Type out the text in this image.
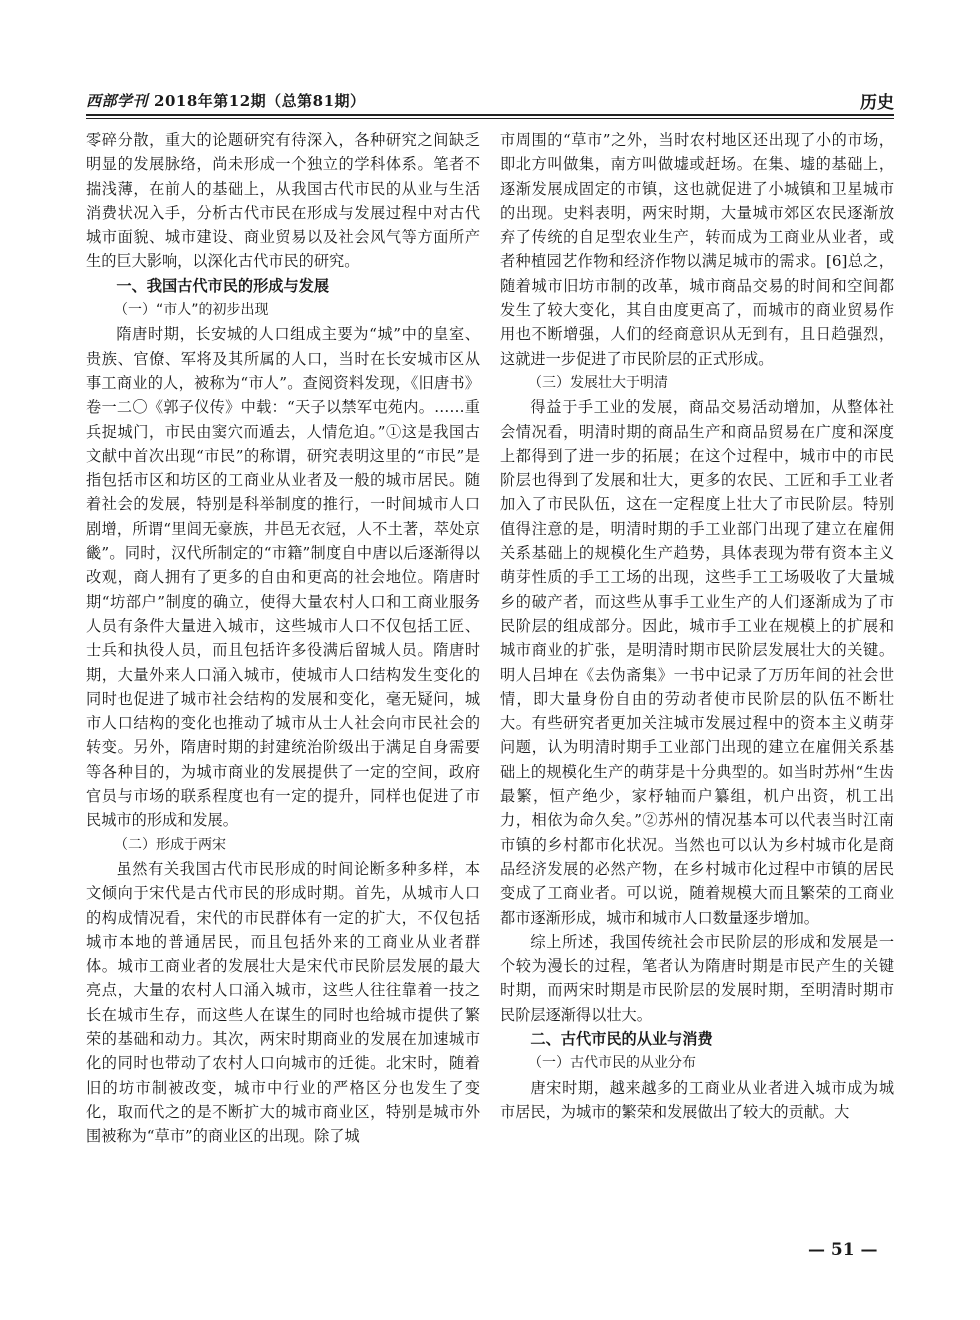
西部学刊 2018年第12期（总第81期）	历史

零碎分散，重大的论题研究有待深入，各种研究之间缺乏明显的发展脉络，尚未形成一个独立的学科体系。笔者不揣浅薄，在前人的基础上，从我国古代市民的从业与生活消费状况入手，分析古代市民在形成与发展过程中对古代城市面貌、城市建设、商业贸易以及社会风气等方面所产生的巨大影响，以深化古代市民的研究。

一、我国古代市民的形成与发展
（一）“市人”的初步出现

隋唐时期，长安城的人口组成主要为“城”中的皇室、贵族、官僚、军将及其所属的人口，当时在长安城市区从事工商业的人，被称为“市人”。查阅资料发现，《旧唐书》卷一二〇《郭子仪传》中载：“天子以禁军屯苑内。……重兵捉城门，市民由窦穴而遁去，人情危迫。”①这是我国古文献中首次出现“市民”的称谓，研究表明这里的“市民”是指包括市区和坊区的工商业从业者及一般的城市居民。随着社会的发展，特别是科举制度的推行，一时间城市人口剧增，所谓“里闾无豪族，井邑无衣冠，人不土著，萃处京畿”。同时，汉代所制定的“市籍”制度自中唐以后逐渐得以改观，商人拥有了更多的自由和更高的社会地位。隋唐时期“坊部户”制度的确立，使得大量农村人口和工商业服务人员有条件大量进入城市，这些城市人口不仅包括工匠、士兵和执役人员，而且包括许多役满后留城人员。隋唐时期，大量外来人口涌入城市，使城市人口结构发生变化的同时也促进了城市社会结构的发展和变化，毫无疑问，城市人口结构的变化也推动了城市从士人社会向市民社会的转变。另外，隋唐时期的封建统治阶级出于满足自身需要等各种目的，为城市商业的发展提供了一定的空间，政府官员与市场的联系程度也有一定的提升，同样也促进了市民城市的形成和发展。

（二）形成于两宋

虽然有关我国古代市民形成的时间论断多种多样，本文倾向于宋代是古代市民的形成时期。首先，从城市人口的构成情况看，宋代的市民群体有一定的扩大，不仅包括城市本地的普通居民，而且包括外来的工商业从业者群体。城市工商业者的发展壮大是宋代市民阶层发展的最大亮点，大量的农村人口涌入城市，这些人往往靠着一技之长在城市生存，而这些人在谋生的同时也给城市提供了繁荣的基础和动力。其次，两宋时期商业的发展在加速城市化的同时也带动了农村人口向城市的迁徙。北宋时，随着旧的坊市制被改变，城市中行业的严格区分也发生了变化，取而代之的是不断扩大的城市商业区，特别是城市外围被称为“草市”的商业区的出现。除了城

市周围的“草市”之外，当时农村地区还出现了小的市场，即北方叫做集，南方叫做墟或赶场。在集、墟的基础上，逐渐发展成固定的市镇，这也就促进了小城镇和卫星城市的出现。史料表明，两宋时期，大量城市郊区农民逐渐放弃了传统的自足型农业生产，转而成为工商业从业者，或者种植园艺作物和经济作物以满足城市的需求。[6]总之，随着城市旧坊市制的改革，城市商品交易的时间和空间都发生了较大变化，其自由度更高了，而城市的商业贸易作用也不断增强，人们的经商意识从无到有，且日趋强烈，这就进一步促进了市民阶层的正式形成。

（三）发展壮大于明清

得益于手工业的发展，商品交易活动增加，从整体社会情况看，明清时期的商品生产和商品贸易在广度和深度上都得到了进一步的拓展；在这个过程中，城市中的市民阶层也得到了发展和壮大，更多的农民、工匠和手工业者加入了市民队伍，这在一定程度上壮大了市民阶层。特别值得注意的是，明清时期的手工业部门出现了建立在雇佣关系基础上的规模化生产趋势，具体表现为带有资本主义萌芽性质的手工工场的出现，这些手工工场吸收了大量城乡的破产者，而这些从事手工业生产的人们逐渐成为了市民阶层的组成部分。因此，城市手工业在规模上的扩展和城市商业的扩张，是明清时期市民阶层发展壮大的关键。明人吕坤在《去伪斋集》一书中记录了万历年间的社会世情，即大量身份自由的劳动者使市民阶层的队伍不断壮大。有些研究者更加关注城市发展过程中的资本主义萌芽问题，认为明清时期手工业部门出现的建立在雇佣关系基础上的规模化生产的萌芽是十分典型的。如当时苏州“生齿最繁，恒产绝少，家杼轴而户纂组，机户出资，机工出力，相依为命久矣。”②苏州的情况基本可以代表当时江南市镇的乡村都市化状况。当然也可以认为乡村城市化是商品经济发展的必然产物，在乡村城市化过程中市镇的居民变成了工商业者。可以说，随着规模大而且繁荣的工商业都市逐渐形成，城市和城市人口数量逐步增加。

综上所述，我国传统社会市民阶层的形成和发展是一个较为漫长的过程，笔者认为隋唐时期是市民产生的关键时期，而两宋时期是市民阶层的发展时期，至明清时期市民阶层逐渐得以壮大。

二、古代市民的从业与消费
（一）古代市民的从业分布

唐宋时期，越来越多的工商业从业者进入城市成为城市居民，为城市的繁荣和发展做出了较大的贡献。大

— 51 —
